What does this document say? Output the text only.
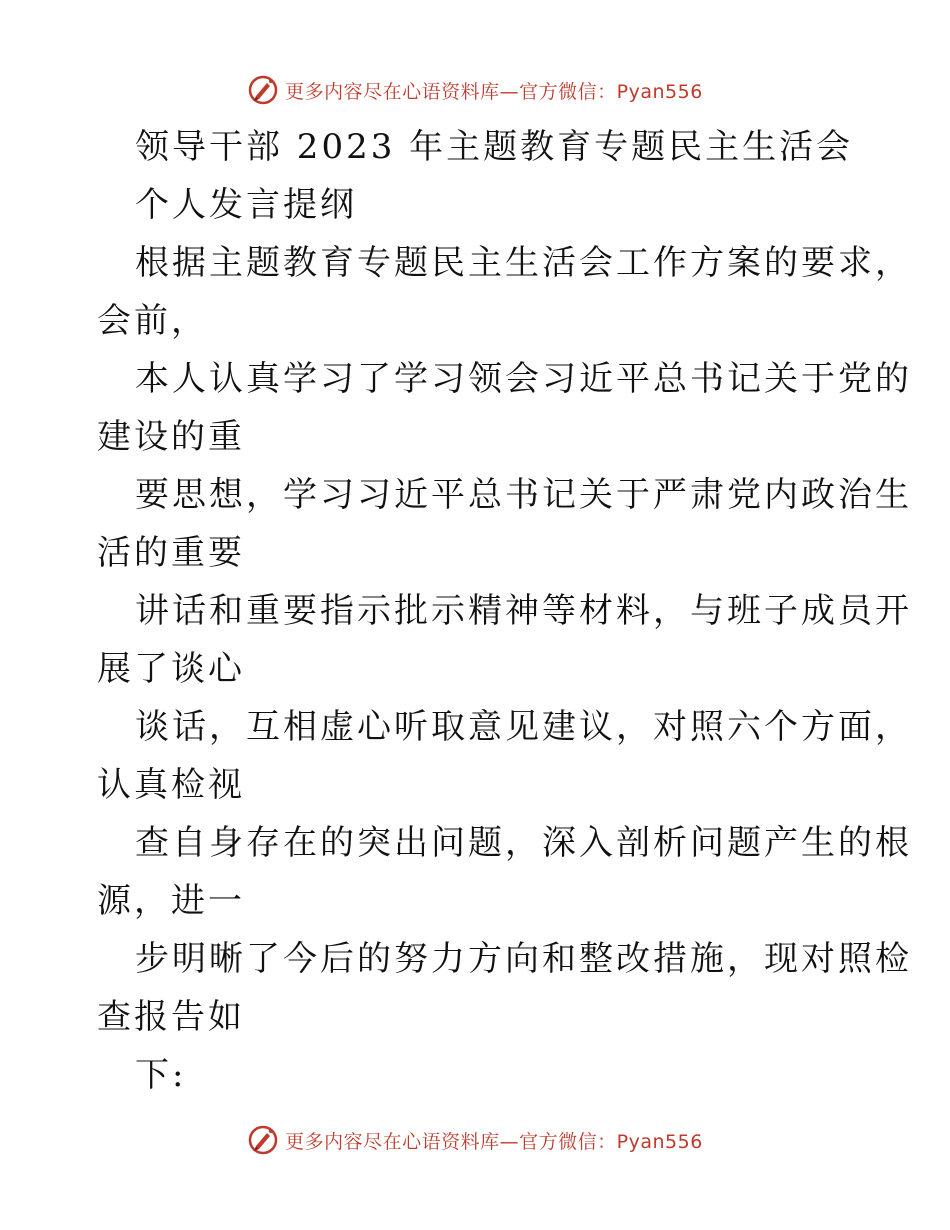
更多内容尽在心语资料库—官方微信：Pyan556
领导干部 2023 年主题教育专题民主生活会
个人发言提纲
根据主题教育专题民主生活会工作方案的要求，
会前，
本人认真学习了学习领会习近平总书记关于党的
建设的重
要思想，学习习近平总书记关于严肃党内政治生
活的重要
讲话和重要指示批示精神等材料，与班子成员开
展了谈心
谈话，互相虚心听取意见建议，对照六个方面，
认真检视
查自身存在的突出问题，深入剖析问题产生的根
源，进一
步明晰了今后的努力方向和整改措施，现对照检
查报告如
下:
更多内容尽在心语资料库—官方微信：Pyan556
